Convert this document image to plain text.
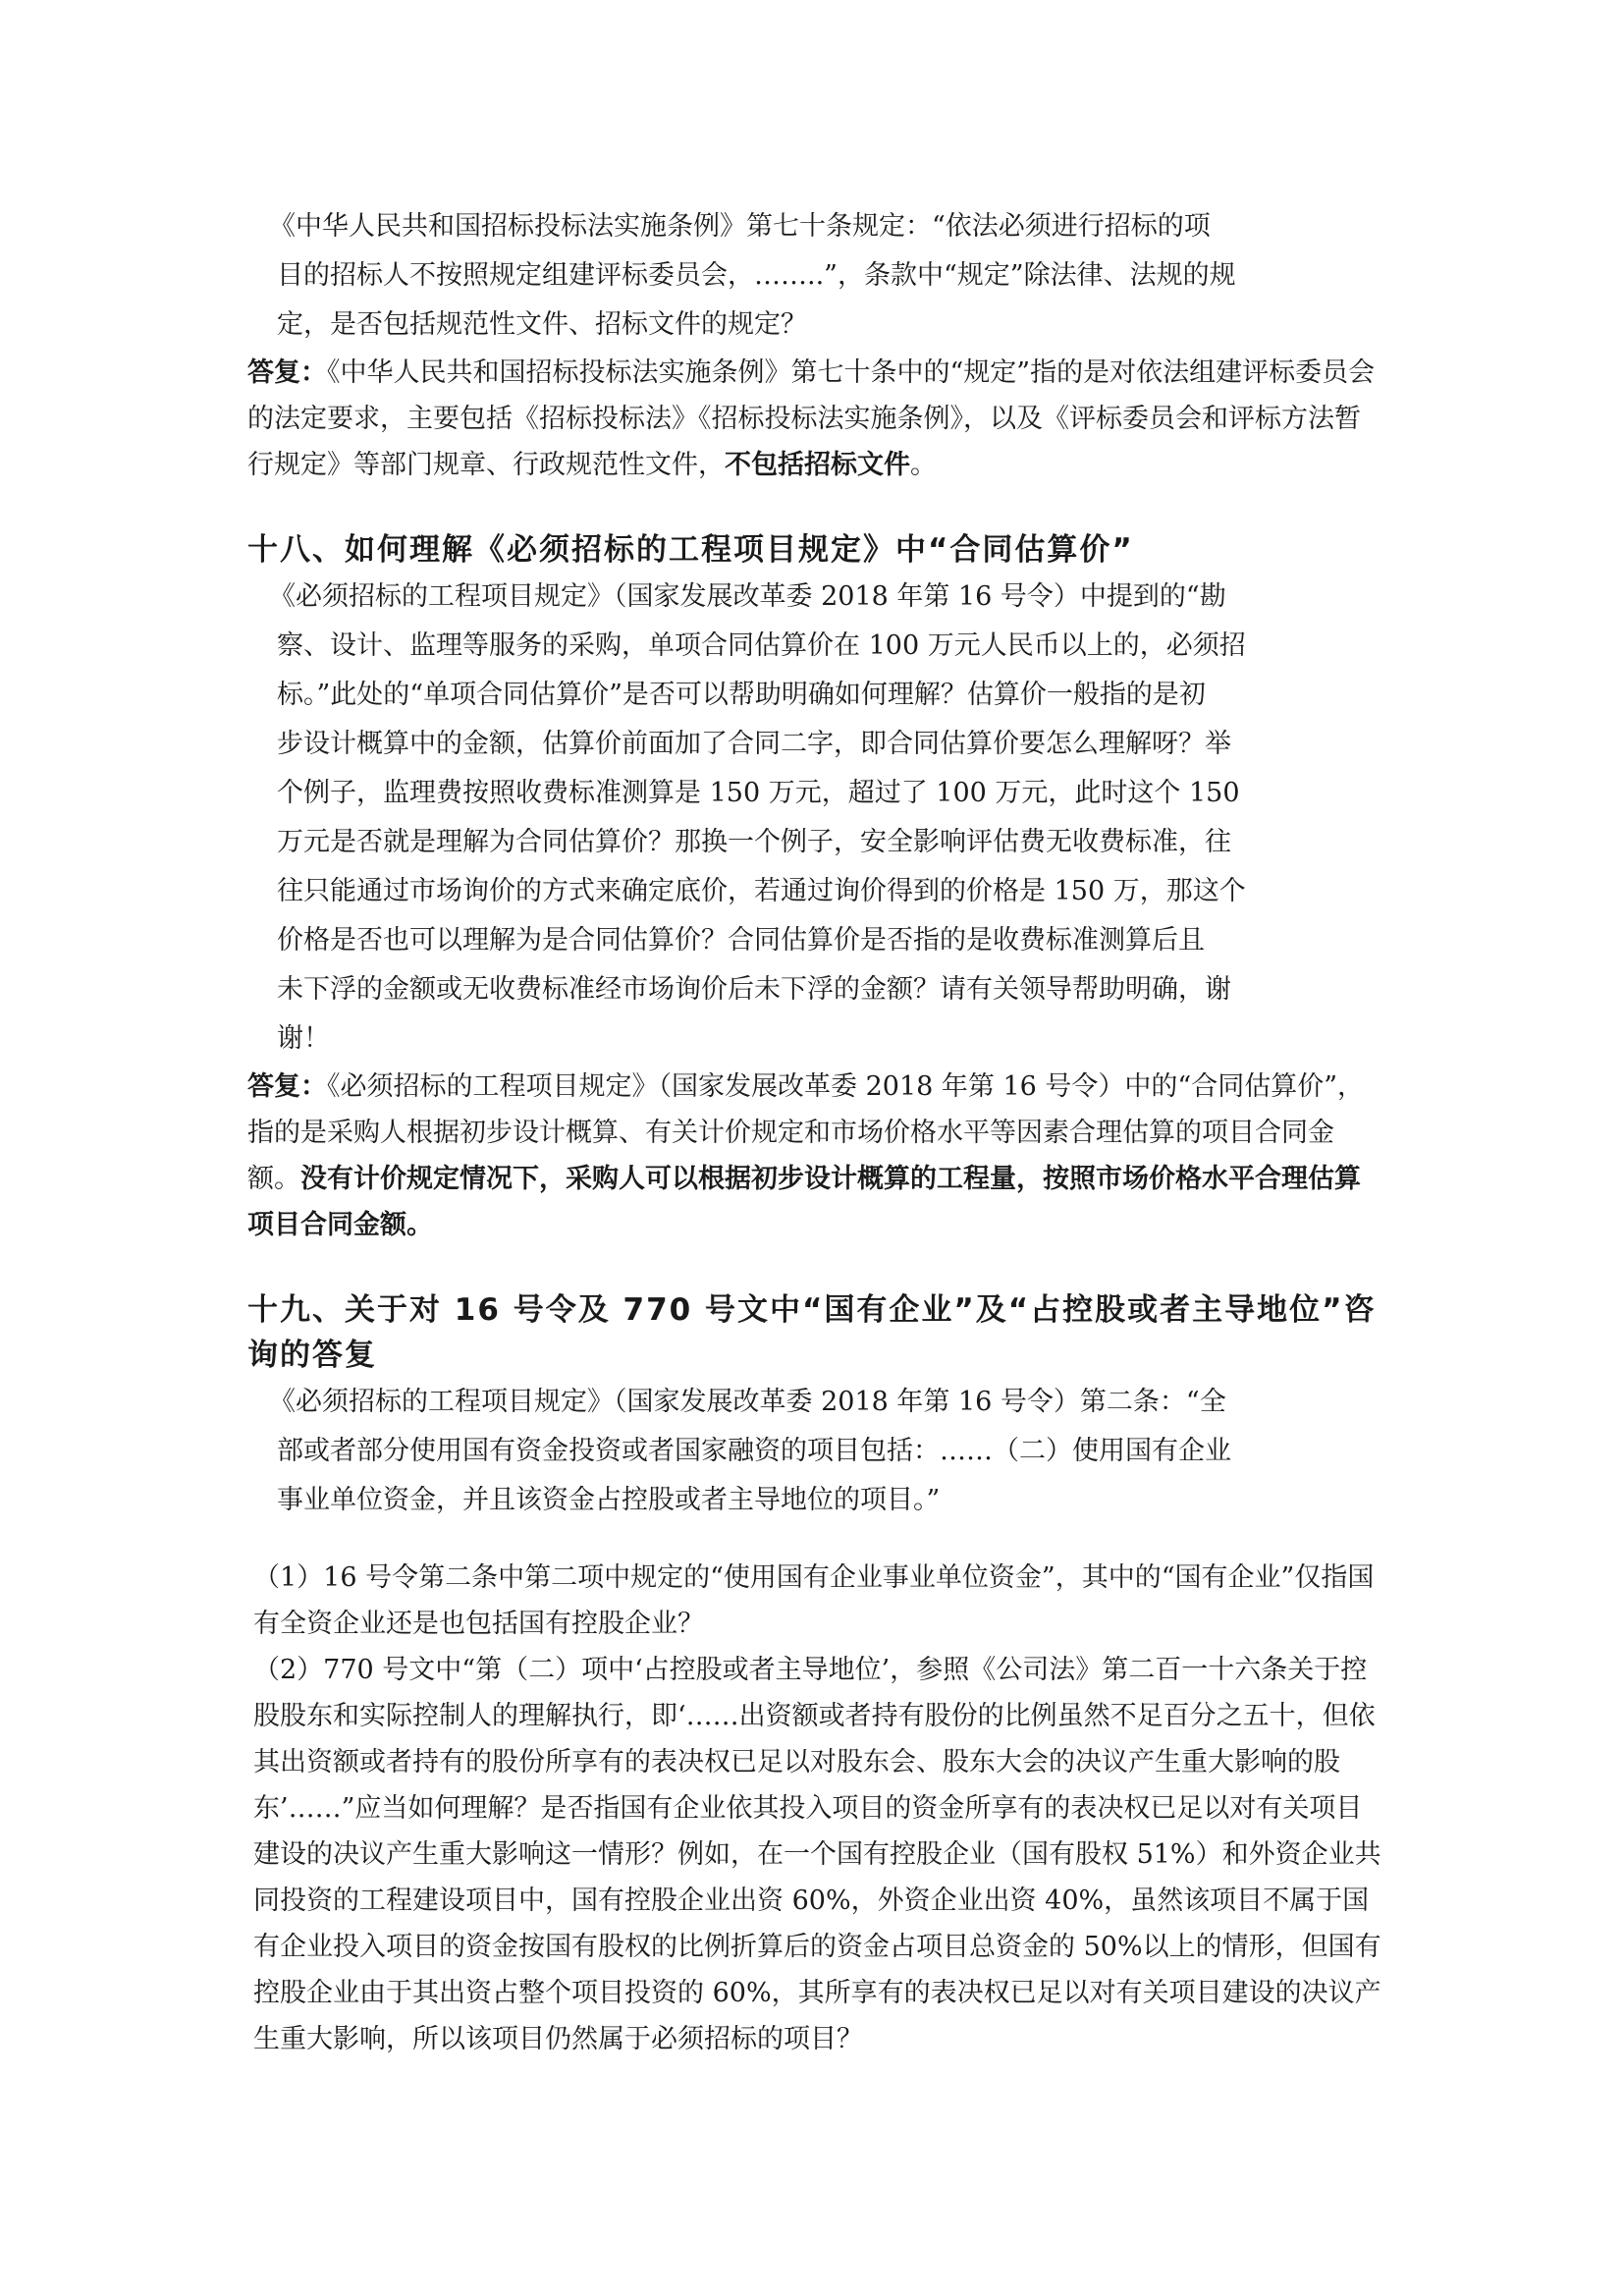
《中华人民共和国招标投标法实施条例》第七十条规定：“依法必须进行招标的项
目的招标人不按照规定组建评标委员会，……..”，条款中“规定”除法律、法规的规
定，是否包括规范性文件、招标文件的规定？

答复：《中华人民共和国招标投标法实施条例》第七十条中的“规定”指的是对依法组建评标委员会的法定要求，主要包括《招标投标法》《招标投标法实施条例》，以及《评标委员会和评标方法暂行规定》等部门规章、行政规范性文件，不包括招标文件。

十八、如何理解《必须招标的工程项目规定》中“合同估算价”
《必须招标的工程项目规定》（国家发展改革委 2018 年第 16 号令）中提到的“勘
察、设计、监理等服务的采购，单项合同估算价在 100 万元人民币以上的，必须招
标。”此处的“单项合同估算价”是否可以帮助明确如何理解？估算价一般指的是初
步设计概算中的金额，估算价前面加了合同二字，即合同估算价要怎么理解呀？举
个例子，监理费按照收费标准测算是 150 万元，超过了 100 万元，此时这个 150
万元是否就是理解为合同估算价？那换一个例子，安全影响评估费无收费标准，往
往只能通过市场询价的方式来确定底价，若通过询价得到的价格是 150 万，那这个
价格是否也可以理解为是合同估算价？合同估算价是否指的是收费标准测算后且
未下浮的金额或无收费标准经市场询价后未下浮的金额？请有关领导帮助明确，谢
谢！

答复：《必须招标的工程项目规定》（国家发展改革委 2018 年第 16 号令）中的“合同估算价”，指的是采购人根据初步设计概算、有关计价规定和市场价格水平等因素合理估算的项目合同金额。没有计价规定情况下，采购人可以根据初步设计概算的工程量，按照市场价格水平合理估算项目合同金额。

十九、关于对 16 号令及 770 号文中“国有企业”及“占控股或者主导地位”咨询的答复
《必须招标的工程项目规定》（国家发展改革委 2018 年第 16 号令）第二条：“全
部或者部分使用国有资金投资或者国家融资的项目包括：……（二）使用国有企业
事业单位资金，并且该资金占控股或者主导地位的项目。”

（1）16 号令第二条中第二项中规定的“使用国有企业事业单位资金”，其中的“国有企业”仅指国有全资企业还是也包括国有控股企业？

（2）770 号文中“第（二）项中‘占控股或者主导地位’，参照《公司法》第二百一十六条关于控股股东和实际控制人的理解执行，即‘……出资额或者持有股份的比例虽然不足百分之五十，但依其出资额或者持有的股份所享有的表决权已足以对股东会、股东大会的决议产生重大影响的股东’……”应当如何理解？是否指国有企业依其投入项目的资金所享有的表决权已足以对有关项目建设的决议产生重大影响这一情形？例如，在一个国有控股企业（国有股权 51%）和外资企业共同投资的工程建设项目中，国有控股企业出资 60%，外资企业出资 40%，虽然该项目不属于国有企业投入项目的资金按国有股权的比例折算后的资金占项目总资金的 50%以上的情形，但国有控股企业由于其出资占整个项目投资的 60%，其所享有的表决权已足以对有关项目建设的决议产生重大影响，所以该项目仍然属于必须招标的项目？
